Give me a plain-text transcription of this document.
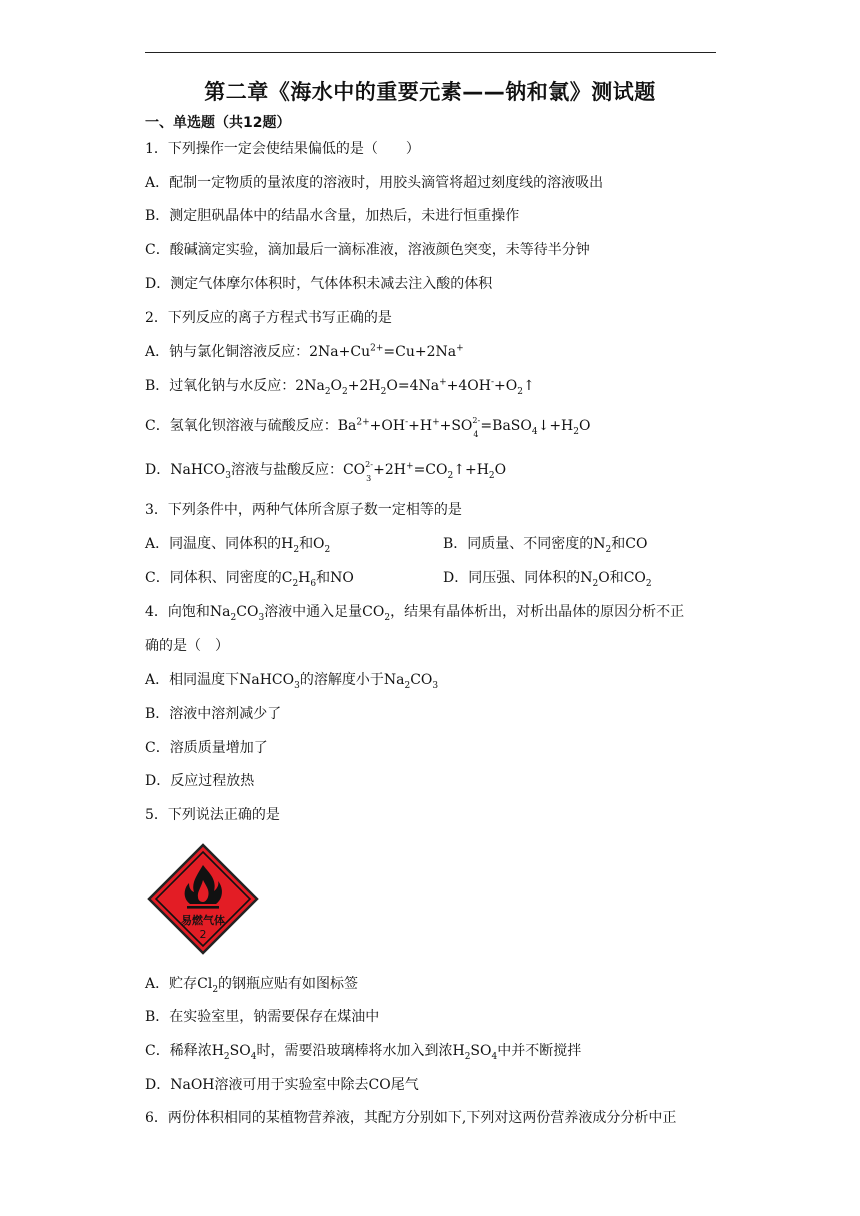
第二章《海水中的重要元素——钠和氯》测试题
一、单选题（共12题）
1．下列操作一定会使结果偏低的是（　　）
A．配制一定物质的量浓度的溶液时，用胶头滴管将超过刻度线的溶液吸出
B．测定胆矾晶体中的结晶水含量，加热后，未进行恒重操作
C．酸碱滴定实验，滴加最后一滴标准液，溶液颜色突变，未等待半分钟
D．测定气体摩尔体积时，气体体积未减去注入酸的体积
2．下列反应的离子方程式书写正确的是
A．钠与氯化铜溶液反应：$2Na+Cu^{2+}=Cu+2Na^+$
B．过氧化钠与水反应：$2Na_2O_2+2H_2O=4Na^++4OH^-+O_2↑$
C．氢氧化钡溶液与硫酸反应：$Ba^{2+}+OH^-+H^++SO$ 2-
4
$=BaSO_4↓+H_2O$
D．NaHCO$_3$溶液与盐酸反应：CO 2-
3
$+2H^+=CO_2↑+H_2O$
3．下列条件中，两种气体所含原子数一定相等的是
A．同温度、同体积的$H_2$和$O_2$	B．同质量、不同密度的$N_2$和CO
C．同体积、同密度的$C_2H_6$和NO	D．同压强、同体积的$N_2O$和$CO_2$
4．向饱和$Na_2CO_3$溶液中通入足量$CO_2$，结果有晶体析出，对析出晶体的原因分析不正
确的是（　）
A．相同温度下NaHCO$_3$的溶解度小于$Na_2CO_3$
B．溶液中溶剂减少了
C．溶质质量增加了
D．反应过程放热
5．下列说法正确的是
易燃气体
2
A．贮存$Cl_2$的钢瓶应贴有如图标签
B．在实验室里，钠需要保存在煤油中
C．稀释浓$H_2SO_4$时，需要沿玻璃棒将水加入到浓$H_2SO_4$中并不断搅拌
D．NaOH溶液可用于实验室中除去CO尾气
6．两份体积相同的某植物营养液，其配方分别如下,下列对这两份营养液成分分析中正
